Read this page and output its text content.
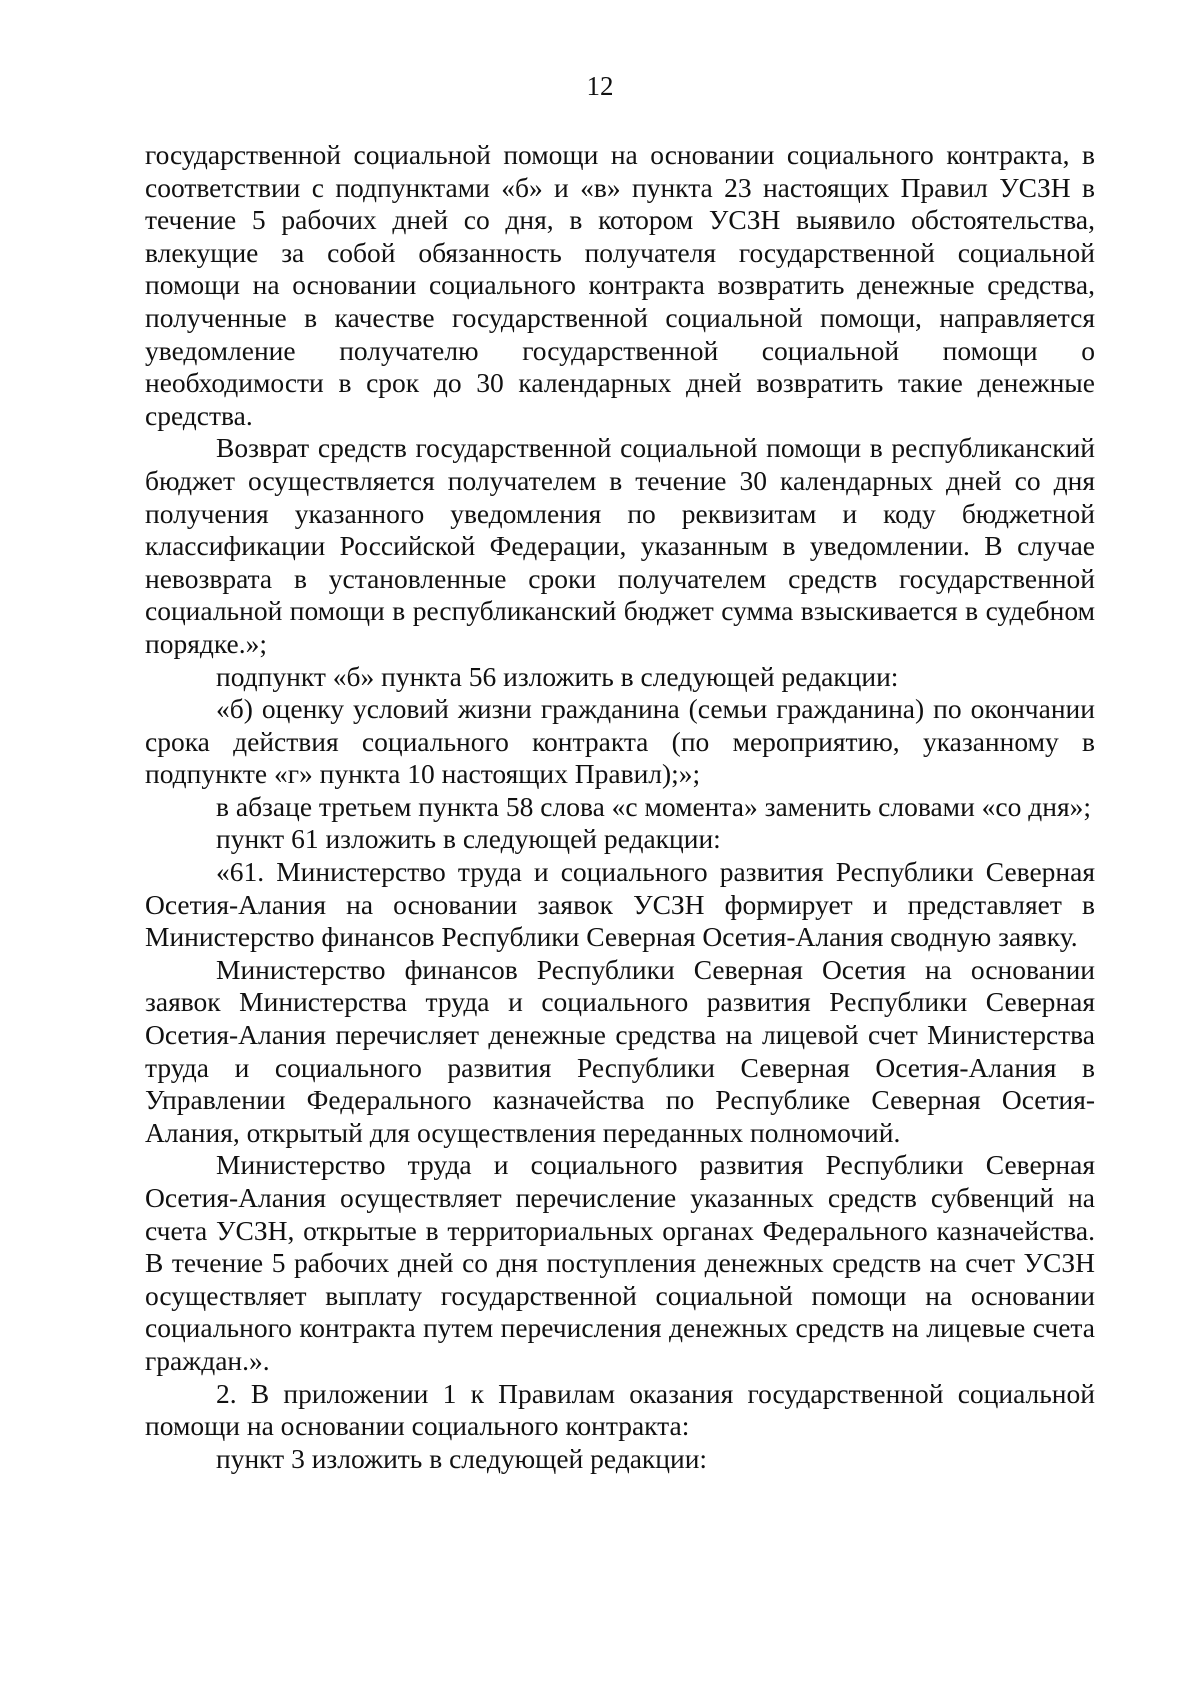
12

государственной социальной помощи на основании социального контракта, в соответствии с подпунктами «б» и «в» пункта 23 настоящих Правил УСЗН в течение 5 рабочих дней со дня, в котором УСЗН выявило обстоятельства, влекущие за собой обязанность получателя государственной социальной помощи на основании социального контракта возвратить денежные средства, полученные в качестве государственной социальной помощи, направляется уведомление получателю государственной социальной помощи о необходимости в срок до 30 календарных дней возвратить такие денежные средства.

Возврат средств государственной социальной помощи в республиканский бюджет осуществляется получателем в течение 30 календарных дней со дня получения указанного уведомления по реквизитам и коду бюджетной классификации Российской Федерации, указанным в уведомлении. В случае невозврата в установленные сроки получателем средств государственной социальной помощи в республиканский бюджет сумма взыскивается в судебном порядке.»;

подпункт «б» пункта 56 изложить в следующей редакции:

«б) оценку условий жизни гражданина (семьи гражданина) по окончании срока действия социального контракта (по мероприятию, указанному в подпункте «г» пункта 10 настоящих Правил);»;

в абзаце третьем пункта 58 слова «с момента» заменить словами «со дня»;

пункт 61 изложить в следующей редакции:

«61. Министерство труда и социального развития Республики Северная Осетия-Алания на основании заявок УСЗН формирует и представляет в Министерство финансов Республики Северная Осетия-Алания сводную заявку.

Министерство финансов Республики Северная Осетия на основании заявок Министерства труда и социального развития Республики Северная Осетия-Алания перечисляет денежные средства на лицевой счет Министерства труда и социального развития Республики Северная Осетия-Алания в Управлении Федерального казначейства по Республике Северная Осетия-Алания, открытый для осуществления переданных полномочий.

Министерство труда и социального развития Республики Северная Осетия-Алания осуществляет перечисление указанных средств субвенций на счета УСЗН, открытые в территориальных органах Федерального казначейства. В течение 5 рабочих дней со дня поступления денежных средств на счет УСЗН осуществляет выплату государственной социальной помощи на основании социального контракта путем перечисления денежных средств на лицевые счета граждан.».

2. В приложении 1 к Правилам оказания государственной социальной помощи на основании социального контракта:

пункт 3 изложить в следующей редакции:
